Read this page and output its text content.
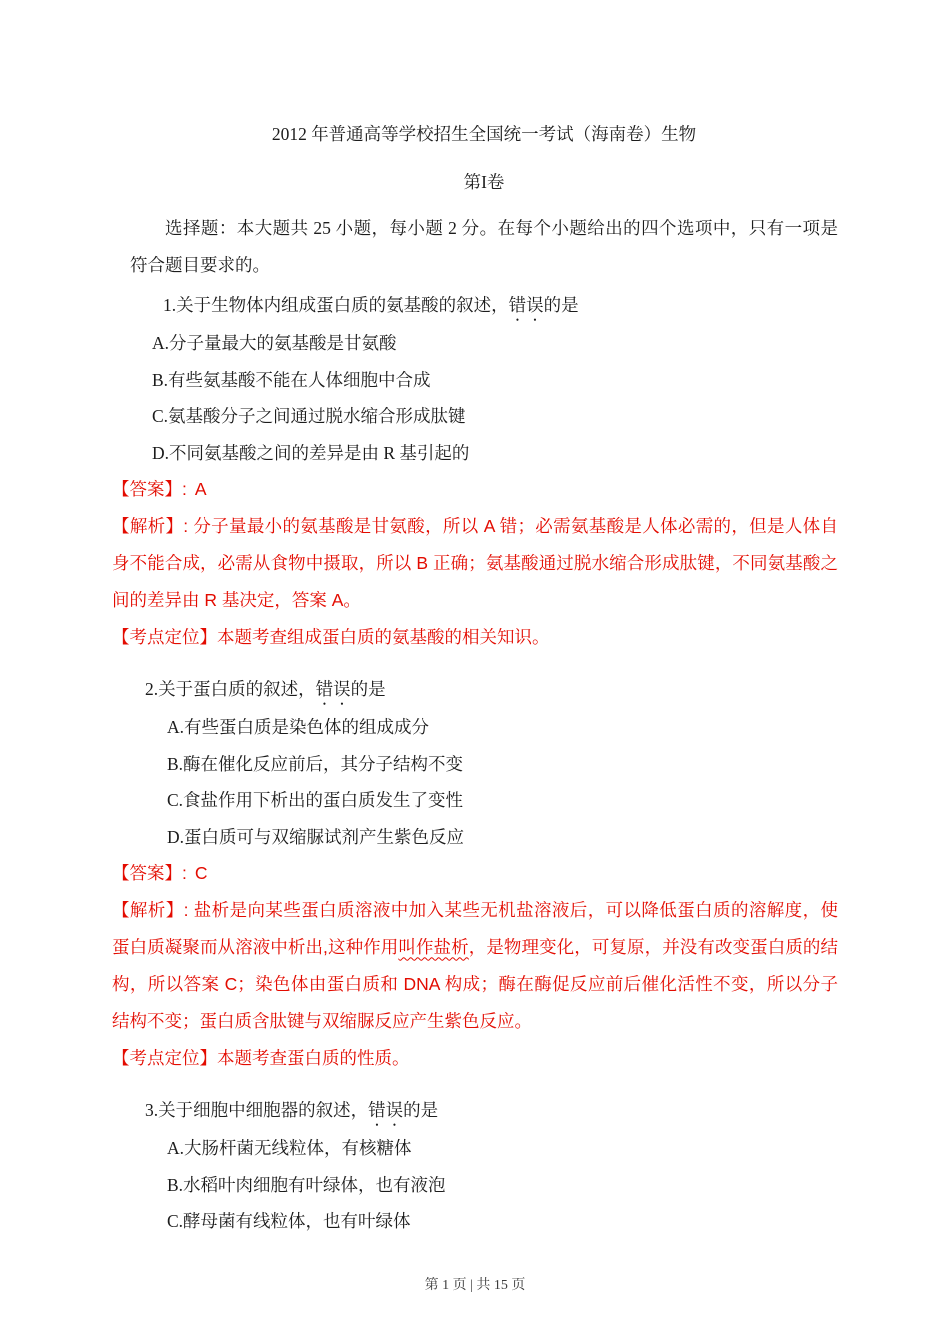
2012 年普通高等学校招生全国统一考试（海南卷）生物
第I卷

选择题：本大题共 25 小题，每小题 2 分。在每个小题给出的四个选项中，只有一项是符合题目要求的。

1.关于生物体内组成蛋白质的氨基酸的叙述，错误的是
A.分子量最大的氨基酸是甘氨酸
B.有些氨基酸不能在人体细胞中合成
C.氨基酸分子之间通过脱水缩合形成肽键
D.不同氨基酸之间的差异是由 R 基引起的
【答案】: A

【解析】: 分子量最小的氨基酸是甘氨酸，所以 A 错；必需氨基酸是人体必需的，但是人体自身不能合成，必需从食物中摄取，所以 B 正确；氨基酸通过脱水缩合形成肽键，不同氨基酸之间的差异由 R 基决定，答案 A。

【考点定位】本题考查组成蛋白质的氨基酸的相关知识。
2.关于蛋白质的叙述，错误的是
A.有些蛋白质是染色体的组成成分
B.酶在催化反应前后，其分子结构不变
C.食盐作用下析出的蛋白质发生了变性
D.蛋白质可与双缩脲试剂产生紫色反应
【答案】: C

【解析】: 盐析是向某些蛋白质溶液中加入某些无机盐溶液后，可以降低蛋白质的溶解度，使蛋白质凝聚而从溶液中析出,这种作用叫作盐析，是物理变化，可复原，并没有改变蛋白质的结构，所以答案 C；染色体由蛋白质和 DNA 构成；酶在酶促反应前后催化活性不变，所以分子结构不变；蛋白质含肽键与双缩脲反应产生紫色反应。

【考点定位】本题考查蛋白质的性质。
3.关于细胞中细胞器的叙述，错误的是
A.大肠杆菌无线粒体，有核糖体
B.水稻叶肉细胞有叶绿体，也有液泡
C.酵母菌有线粒体，也有叶绿体
第 1 页 | 共 15 页
